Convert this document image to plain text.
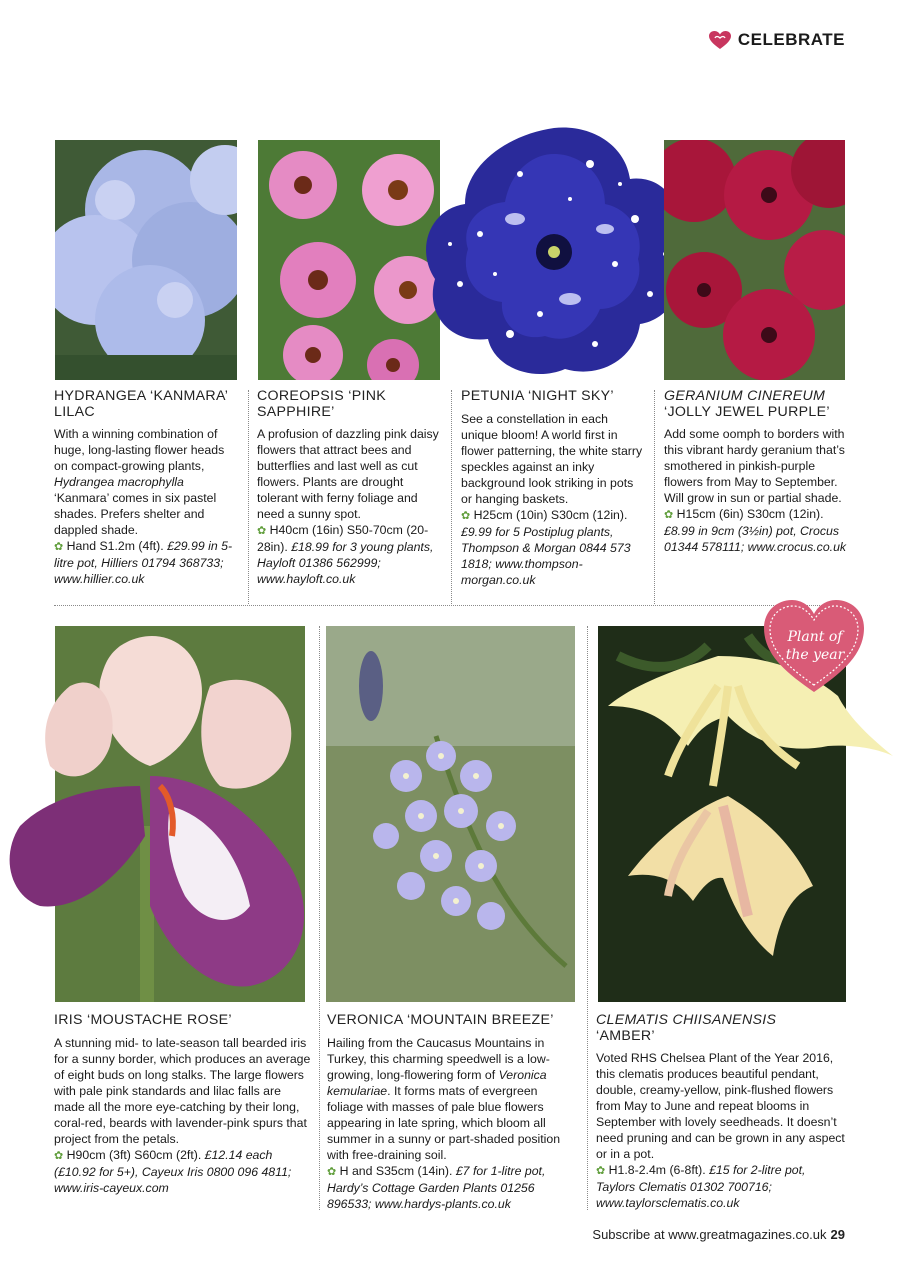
CELEBRATE
HYDRANGEA ‘KANMARA’ LILAC

With a winning combination of huge, long-lasting flower heads on compact-growing plants, Hydrangea macrophylla ‘Kanmara’ comes in six pastel shades. Prefers shelter and dappled shade.

✿ Hand S1.2m (4ft). £29.99 in 5-litre pot, Hilliers 01794 368733; www.hillier.co.uk

COREOPSIS ‘PINK SAPPHIRE’

A profusion of dazzling pink daisy flowers that attract bees and butterflies and last well as cut flowers. Plants are drought tolerant with ferny foliage and need a sunny spot.

✿ H40cm (16in) S50-70cm (20-28in). £18.99 for 3 young plants, Hayloft 01386 562999; www.hayloft.co.uk

PETUNIA ‘NIGHT SKY’

See a constellation in each unique bloom! A world first in flower patterning, the white starry speckles against an inky background look striking in pots or hanging baskets.

✿ H25cm (10in) S30cm (12in).
£9.99 for 5 Postiplug plants, Thompson & Morgan 0844 573 1818; www.thompson-morgan.co.uk

GERANIUM CINEREUM
‘JOLLY JEWEL PURPLE’

Add some oomph to borders with this vibrant hardy geranium that’s smothered in pinkish-purple flowers from May to September. Will grow in sun or partial shade.

✿ H15cm (6in) S30cm (12in).
£8.99 in 9cm (3½in) pot, Crocus 01344 578111; www.crocus.co.uk

Plant of
the year
IRIS ‘MOUSTACHE ROSE’

A stunning mid- to late-season tall bearded iris for a sunny border, which produces an average of eight buds on long stalks. The large flowers with pale pink standards and lilac falls are made all the more eye-catching by their long, coral-red, beards with lavender-pink spurs that project from the petals.

✿ H90cm (3ft) S60cm (2ft). £12.14 each (£10.92 for 5+), Cayeux Iris 0800 096 4811; www.iris-cayeux.com

VERONICA ‘MOUNTAIN BREEZE’

Hailing from the Caucasus Mountains in Turkey, this charming speedwell is a low-growing, long-flowering form of Veronica kemulariae. It forms mats of evergreen foliage with masses of pale blue flowers appearing in late spring, which bloom all summer in a sunny or part-shaded position with free-draining soil.

✿ H and S35cm (14in). £7 for 1-litre pot, Hardy’s Cottage Garden Plants 01256 896533; www.hardys-plants.co.uk

CLEMATIS CHIISANENSIS
‘AMBER’

Voted RHS Chelsea Plant of the Year 2016, this clematis produces beautiful pendant, double, creamy-yellow, pink-flushed flowers from May to June and repeat blooms in September with lovely seedheads. It doesn’t need pruning and can be grown in any aspect or in a pot.

✿ H1.8-2.4m (6-8ft). £15 for 2-litre pot, Taylors Clematis 01302 700716; www.taylorsclematis.co.uk

Subscribe at www.greatmagazines.co.uk 29
